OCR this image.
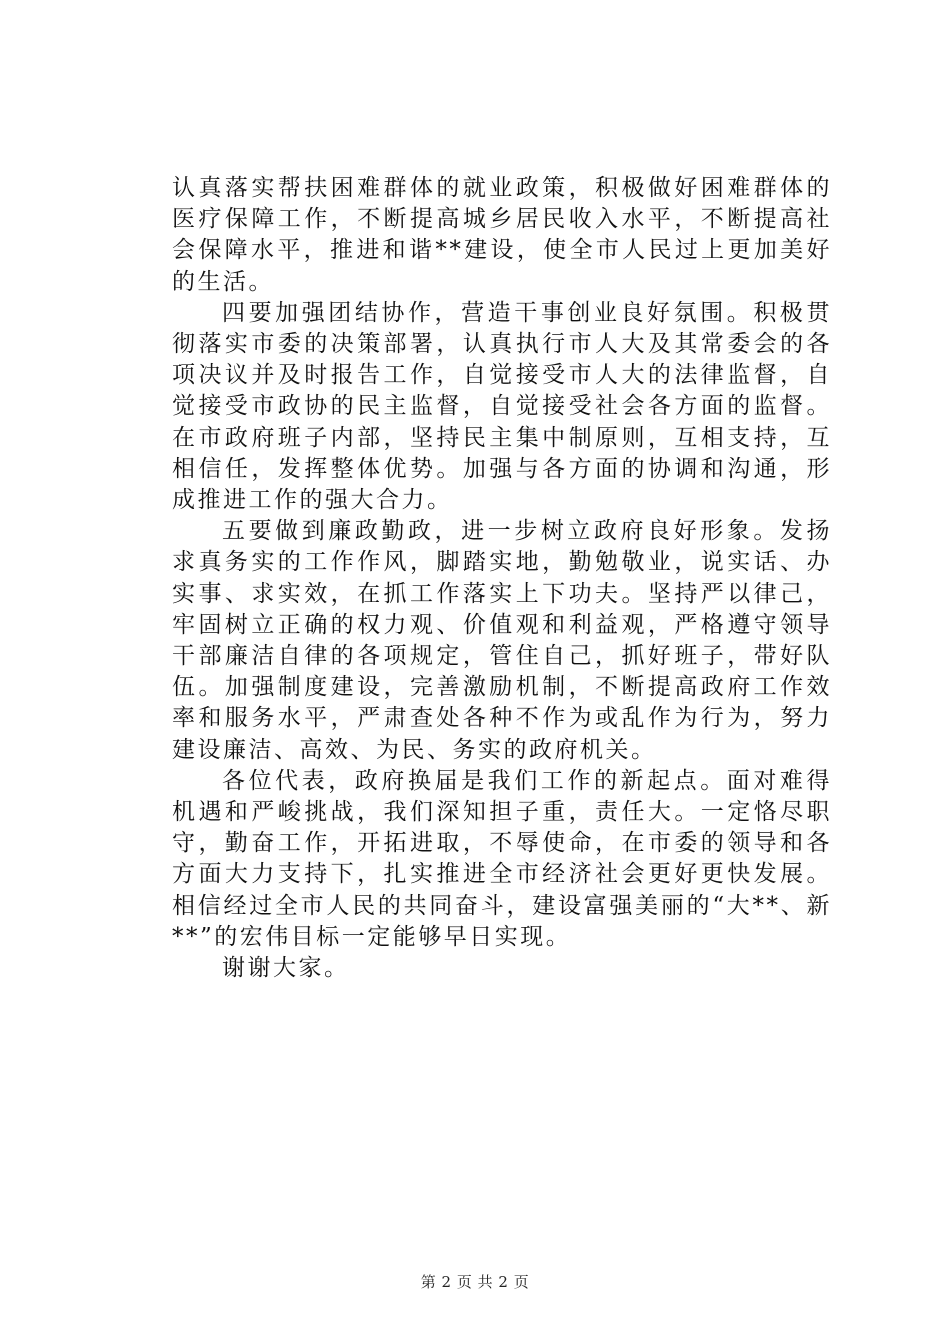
认真落实帮扶困难群体的就业政策，积极做好困难群体的医疗保障工作，不断提高城乡居民收入水平，不断提高社会保障水平，推进和谐**建设，使全市人民过上更加美好的生活。

四要加强团结协作，营造干事创业良好氛围。积极贯彻落实市委的决策部署，认真执行市人大及其常委会的各项决议并及时报告工作，自觉接受市人大的法律监督，自觉接受市政协的民主监督，自觉接受社会各方面的监督。在市政府班子内部，坚持民主集中制原则，互相支持，互相信任，发挥整体优势。加强与各方面的协调和沟通，形成推进工作的强大合力。

五要做到廉政勤政，进一步树立政府良好形象。发扬求真务实的工作作风，脚踏实地，勤勉敬业，说实话、办实事、求实效，在抓工作落实上下功夫。坚持严以律己，牢固树立正确的权力观、价值观和利益观，严格遵守领导干部廉洁自律的各项规定，管住自己，抓好班子，带好队伍。加强制度建设，完善激励机制，不断提高政府工作效率和服务水平，严肃查处各种不作为或乱作为行为，努力建设廉洁、高效、为民、务实的政府机关。

各位代表，政府换届是我们工作的新起点。面对难得机遇和严峻挑战，我们深知担子重，责任大。一定恪尽职守，勤奋工作，开拓进取，不辱使命，在市委的领导和各方面大力支持下，扎实推进全市经济社会更好更快发展。相信经过全市人民的共同奋斗，建设富强美丽的“大**、新**”的宏伟目标一定能够早日实现。

谢谢大家。

第 2 页 共 2 页
